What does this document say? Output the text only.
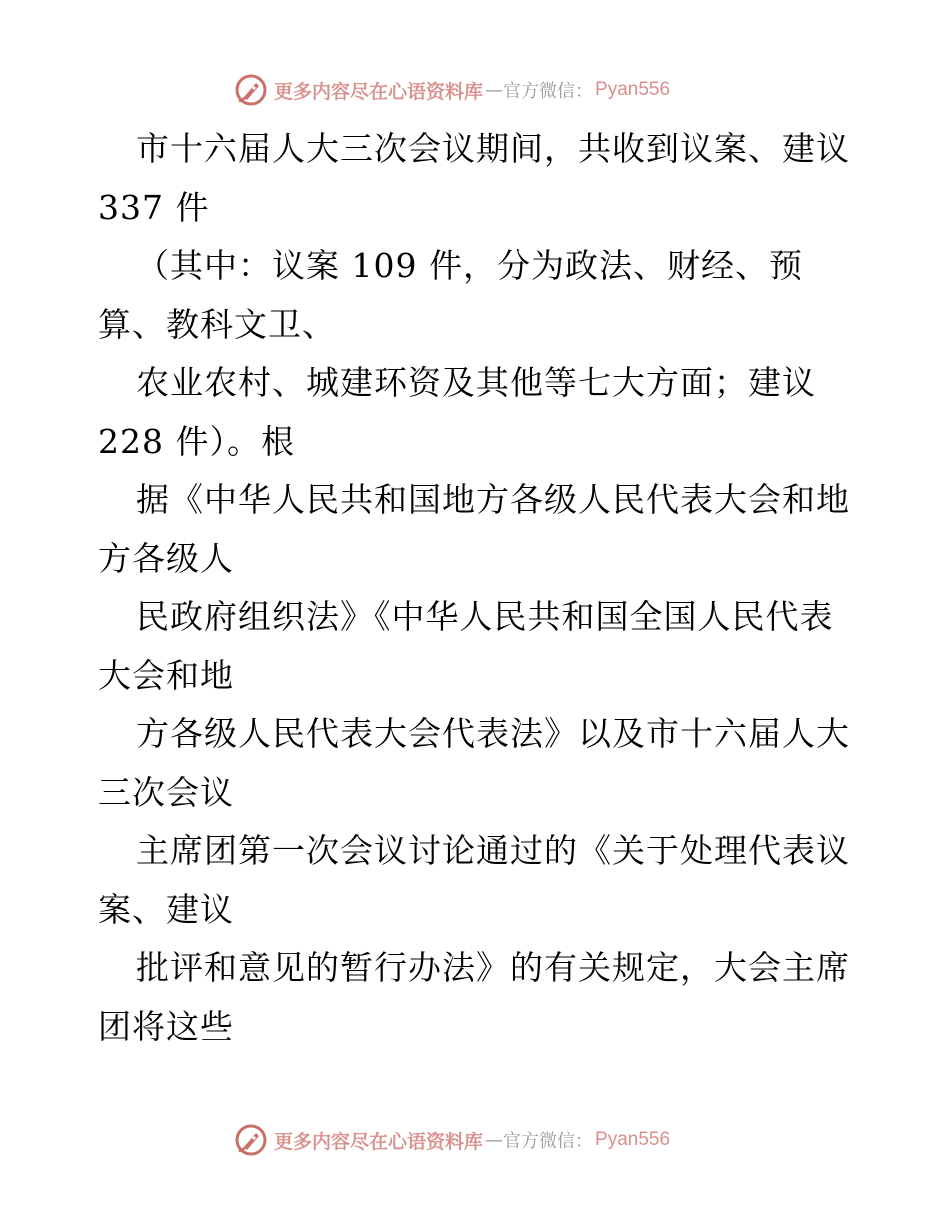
更多内容尽在心语资料库 — 官方微信： Pyan556
市十六届人大三次会议期间，共收到议案、建议
337 件
（其中：议案 109 件，分为政法、财经、预
算、教科文卫、
农业农村、城建环资及其他等七大方面；建议
228 件）。根
据《中华人民共和国地方各级人民代表大会和地
方各级人
民政府组织法》《中华人民共和国全国人民代表
大会和地
方各级人民代表大会代表法》以及市十六届人大
三次会议
主席团第一次会议讨论通过的《关于处理代表议
案、建议
批评和意见的暂行办法》的有关规定，大会主席
团将这些
更多内容尽在心语资料库 — 官方微信： Pyan556
